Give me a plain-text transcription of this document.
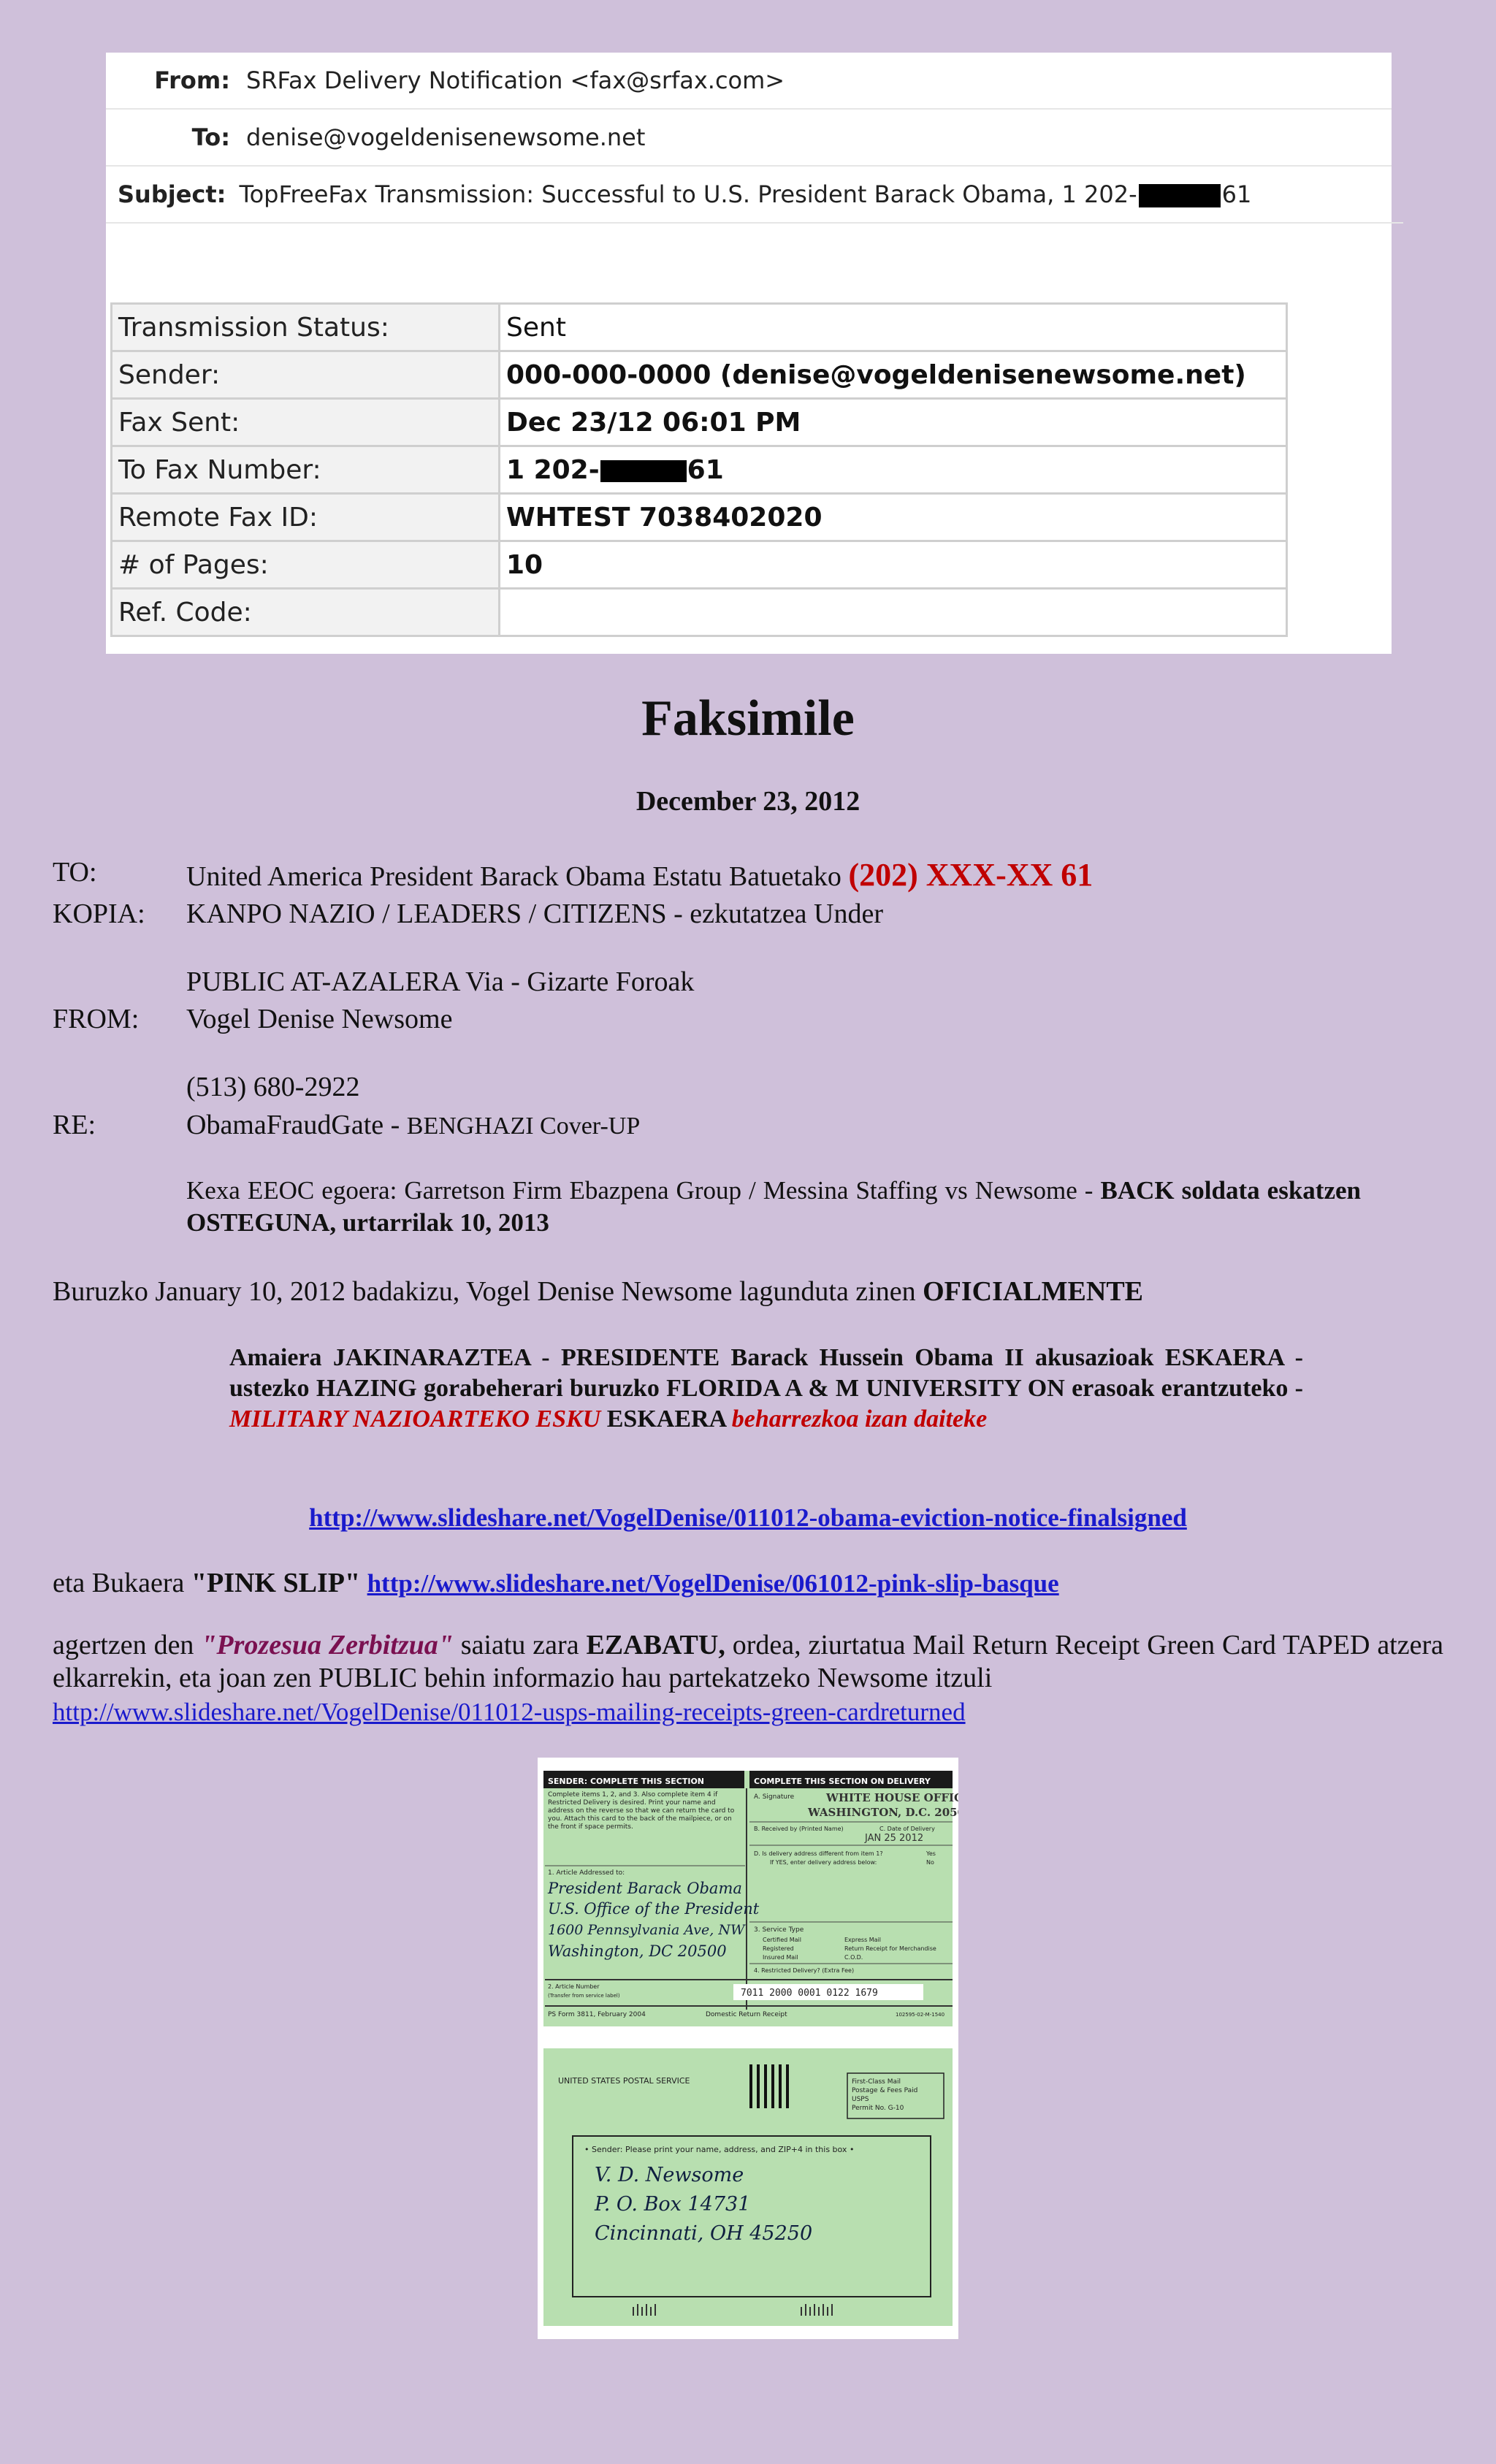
From: SRFax Delivery Notification <fax@srfax.com>
To: denise@vogeldenisenewsome.net
Subject: TopFreeFax Transmission: Successful to U.S. President Barack Obama, 1 202-	61
Transmission Status:	Sent
Sender:	000-000-0000 (denise@vogeldenisenewsome.net)
Fax Sent:	Dec 23/12 06:01 PM
To Fax Number:	1 202- 61
Remote Fax ID:	WHTEST 7038402020
# of Pages:	10
Ref. Code:	
Faksimile
December 23, 2012
TO:	United America President Barack Obama Estatu Batuetako (202) XXX-XX 61
KOPIA: KANPO NAZIO / LEADERS / CITIZENS - ezkutatzea Under
PUBLIC AT-AZALERA Via - Gizarte Foroak
FROM: Vogel Denise Newsome
(513) 680-2922
RE:	ObamaFraudGate - BENGHAZI Cover-UP
Kexa EEOC egoera: Garretson Firm Ebazpena Group / Messina Staffing vs Newsome - BACK soldata eskatzen OSTEGUNA, urtarrilak 10, 2013
Buruzko January 10, 2012 badakizu, Vogel Denise Newsome lagunduta zinen OFICIALMENTE
Amaiera JAKINARAZTEA - PRESIDENTE Barack Hussein Obama II akusazioak ESKAERA - ustezko HAZING gorabeherari buruzko FLORIDA A & M UNIVERSITY ON erasoak erantzuteko - MILITARY NAZIOARTEKO ESKU ESKAERA beharrezkoa izan daiteke
http://www.slideshare.net/VogelDenise/011012-obama-eviction-notice-finalsigned
eta Bukaera "PINK SLIP" http://www.slideshare.net/VogelDenise/061012-pink-slip-basque
agertzen den "Prozesua Zerbitzua" saiatu zara EZABATU, ordea, ziurtatua Mail Return Receipt Green Card TAPED atzera elkarrekin, eta joan zen PUBLIC behin informazio hau partekatzeko Newsome itzuli
http://www.slideshare.net/VogelDenise/011012-usps-mailing-receipts-green-cardreturned
SENDER: COMPLETE THIS SECTION	COMPLETE THIS SECTION ON DELIVERY
Complete items 1, 2, and 3. Also complete item 4 if Restricted Delivery is desired. Print your name and address on the reverse so that we can return the card to you. Attach this card to the back of the mailpiece, or on the front if space permits.
A. Signature	WHITE HOUSE OFFICE
WASHINGTON, D.C. 20500
B. Received by (Printed Name)	C. Date of Delivery
JAN 25 2012
D. Is delivery address different from item 1?
If YES, enter delivery address below:
Yes
No
1. Article Addressed to:
President Barack Obama
U.S. Office of the President
1600 Pennsylvania Ave, NW
Washington, DC 20500
3. Service Type
Certified Mail	Express Mail
Registered	Return Receipt for Merchandise
Insured Mail	C.O.D.
4. Restricted Delivery? (Extra Fee)
2. Article Number
(Transfer from service label)	7011 2000 0001 0122 1679
PS Form 3811, February 2004	Domestic Return Receipt	102595-02-M-1540
UNITED STATES POSTAL SERVICE	First-Class Mail
Postage & Fees Paid
USPS
Permit No. G-10
• Sender: Please print your name, address, and ZIP+4 in this box •
V. D. Newsome
P. O. Box 14731
Cincinnati, OH 45250
